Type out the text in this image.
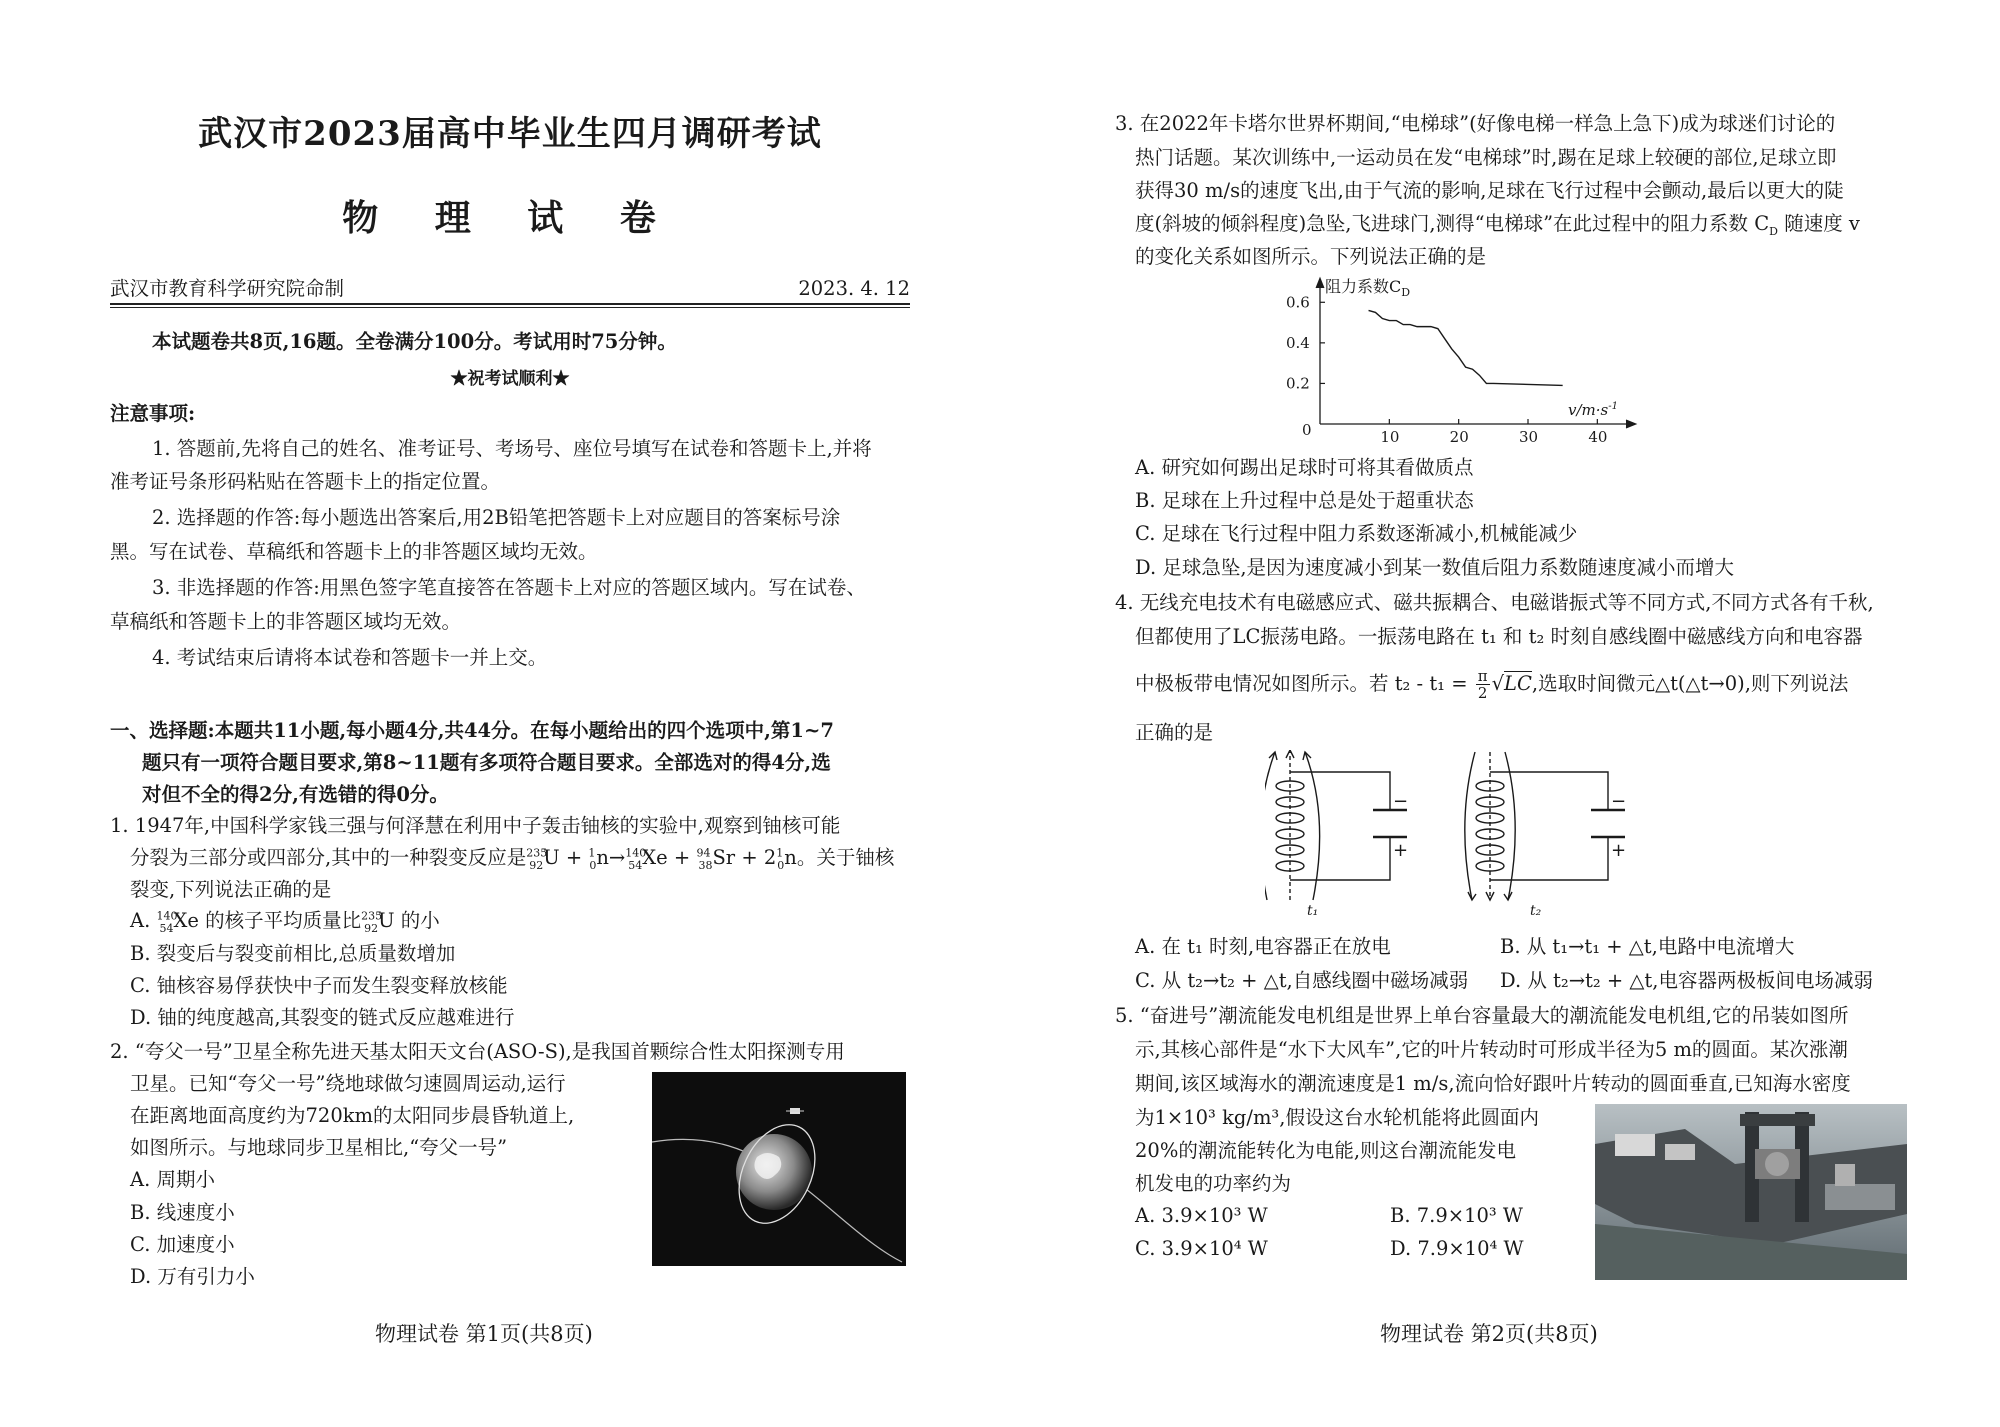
武汉市2023届高中毕业生四月调研考试
物 理 试 卷
武汉市教育科学研究院命制	2023. 4. 12
本试题卷共8页,16题。全卷满分100分。考试用时75分钟。
★祝考试顺利★
注意事项:
1. 答题前,先将自己的姓名、准考证号、考场号、座位号填写在试卷和答题卡上,并将
准考证号条形码粘贴在答题卡上的指定位置。
2. 选择题的作答:每小题选出答案后,用2B铅笔把答题卡上对应题目的答案标号涂
黑。写在试卷、草稿纸和答题卡上的非答题区域均无效。
3. 非选择题的作答:用黑色签字笔直接答在答题卡上对应的答题区域内。写在试卷、
草稿纸和答题卡上的非答题区域均无效。
4. 考试结束后请将本试卷和答题卡一并上交。
一、选择题:本题共11小题,每小题4分,共44分。在每小题给出的四个选项中,第1~7
题只有一项符合题目要求,第8~11题有多项符合题目要求。全部选对的得4分,选
对但不全的得2分,有选错的得0分。
1. 1947年,中国科学家钱三强与何泽慧在利用中子轰击铀核的实验中,观察到铀核可能
分裂为三部分或四部分,其中的一种裂变反应是$^{235}_{92}U + ^1_0n\to^{140}_{54}Xe + ^{94}_{38}Sr + 2^1_0n$。关于铀核
裂变,下列说法正确的是
A. $^{140}_{54}$Xe 的核子平均质量比$^{235}_{92}$U 的小
B. 裂变后与裂变前相比,总质量数增加
C. 铀核容易俘获快中子而发生裂变释放核能
D. 铀的纯度越高,其裂变的链式反应越难进行
2. “夸父一号”卫星全称先进天基太阳天文台(ASO-S),是我国首颗综合性太阳探测专用
卫星。已知“夸父一号”绕地球做匀速圆周运动,运行
在距离地面高度约为720km的太阳同步晨昏轨道上,
如图所示。与地球同步卫星相比,“夸父一号”
A. 周期小
B. 线速度小
C. 加速度小
D. 万有引力小
物理试卷 第1页(共8页)
3. 在2022年卡塔尔世界杯期间,“电梯球”(好像电梯一样急上急下)成为球迷们讨论的
热门话题。某次训练中,一运动员在发“电梯球”时,踢在足球上较硬的部位,足球立即
获得30 m/s的速度飞出,由于气流的影响,足球在飞行过程中会颤动,最后以更大的陡
度(斜坡的倾斜程度)急坠,飞进球门,测得“电梯球”在此过程中的阻力系数 $C_D$ 随速度 v
的变化关系如图所示。下列说法正确的是
0.2
0.4
0.6
10	20	30	40
阻力系数$C_D$
$v/m\cdot s^{-1}$
0
A. 研究如何踢出足球时可将其看做质点
B. 足球在上升过程中总是处于超重状态
C. 足球在飞行过程中阻力系数逐渐减小,机械能减少
D. 足球急坠,是因为速度减小到某一数值后阻力系数随速度减小而增大
4. 无线充电技术有电磁感应式、磁共振耦合、电磁谐振式等不同方式,不同方式各有千秋,
但都使用了LC振荡电路。一振荡电路在 t₁ 和 t₂ 时刻自感线圈中磁感线方向和电容器
中极板带电情况如图所示。若 $t_2 - t_1 = \frac{\pi}{2} √LC$,选取时间微元△t(△t→0),则下列说法
正确的是
−
+
t₁
−
+
t₂
A. 在 t₁ 时刻,电容器正在放电	B. 从 t₁→t₁ + △t,电路中电流增大
C. 从 t₂→t₂ + △t,自感线圈中磁场减弱 D. 从 t₂→t₂ + △t,电容器两极板间电场减弱
5. “奋进号”潮流能发电机组是世界上单台容量最大的潮流能发电机组,它的吊装如图所
示,其核心部件是“水下大风车”,它的叶片转动时可形成半径为5 m的圆面。某次涨潮
期间,该区域海水的潮流速度是1 m/s,流向恰好跟叶片转动的圆面垂直,已知海水密度
为1×10³ kg/m³,假设这台水轮机能将此圆面内
20%的潮流能转化为电能,则这台潮流能发电
机发电的功率约为
A. 3.9×10³ W	B. 7.9×10³ W
C. 3.9×10⁴ W	D. 7.9×10⁴ W
物理试卷 第2页(共8页)
